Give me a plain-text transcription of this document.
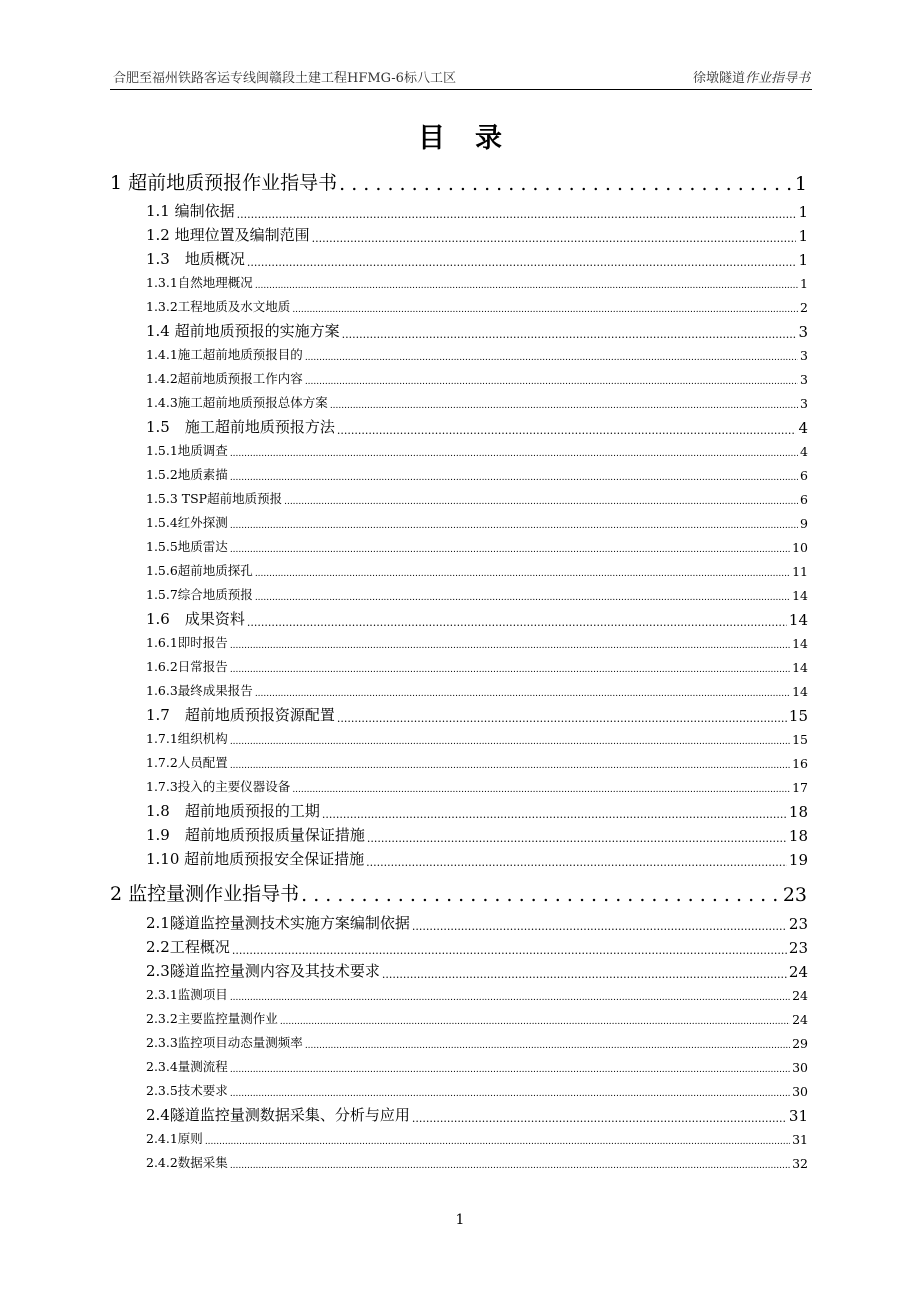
合肥至福州铁路客运专线闽赣段土建工程HFMG-6标八工区	徐墩隧道作业指导书
目录
1 超前地质预报作业指导书 . . .	1
1.1 编制依据 .....	1
1.2 地理位置及编制范围 .....	1
1.3　地质概况 .....	1
1.3.1自然地理概况 .....	1
1.3.2工程地质及水文地质 .....	2
1.4 超前地质预报的实施方案 .....	3
1.4.1施工超前地质预报目的 .....	3
1.4.2超前地质预报工作内容 .....	3
1.4.3施工超前地质预报总体方案 .....	3
1.5　施工超前地质预报方法 .....	4
1.5.1地质调查 .....	4
1.5.2地质素描 .....	6
1.5.3 TSP超前地质预报 .....	6
1.5.4红外探测 .....	9
1.5.5地质雷达 .....	10
1.5.6超前地质探孔 .....	11
1.5.7综合地质预报 .....	14
1.6　成果资料 .....	14
1.6.1即时报告 .....	14
1.6.2日常报告 .....	14
1.6.3最终成果报告 .....	14
1.7　超前地质预报资源配置 .....	15
1.7.1组织机构 .....	15
1.7.2人员配置 .....	16
1.7.3投入的主要仪器设备 .....	17
1.8　超前地质预报的工期 .....	18
1.9　超前地质预报质量保证措施 .....	18
1.10 超前地质预报安全保证措施 .....	19
2 监控量测作业指导书 . . .	23
2.1隧道监控量测技术实施方案编制依据 .....	23
2.2工程概况 .....	23
2.3隧道监控量测内容及其技术要求 .....	24
2.3.1监测项目 .....	24
2.3.2主要监控量测作业 .....	24
2.3.3监控项目动态量测频率 .....	29
2.3.4量测流程 .....	30
2.3.5技术要求 .....	30
2.4隧道监控量测数据采集、分析与应用 .....	31
2.4.1原则 .....	31
2.4.2数据采集 .....	32
1
